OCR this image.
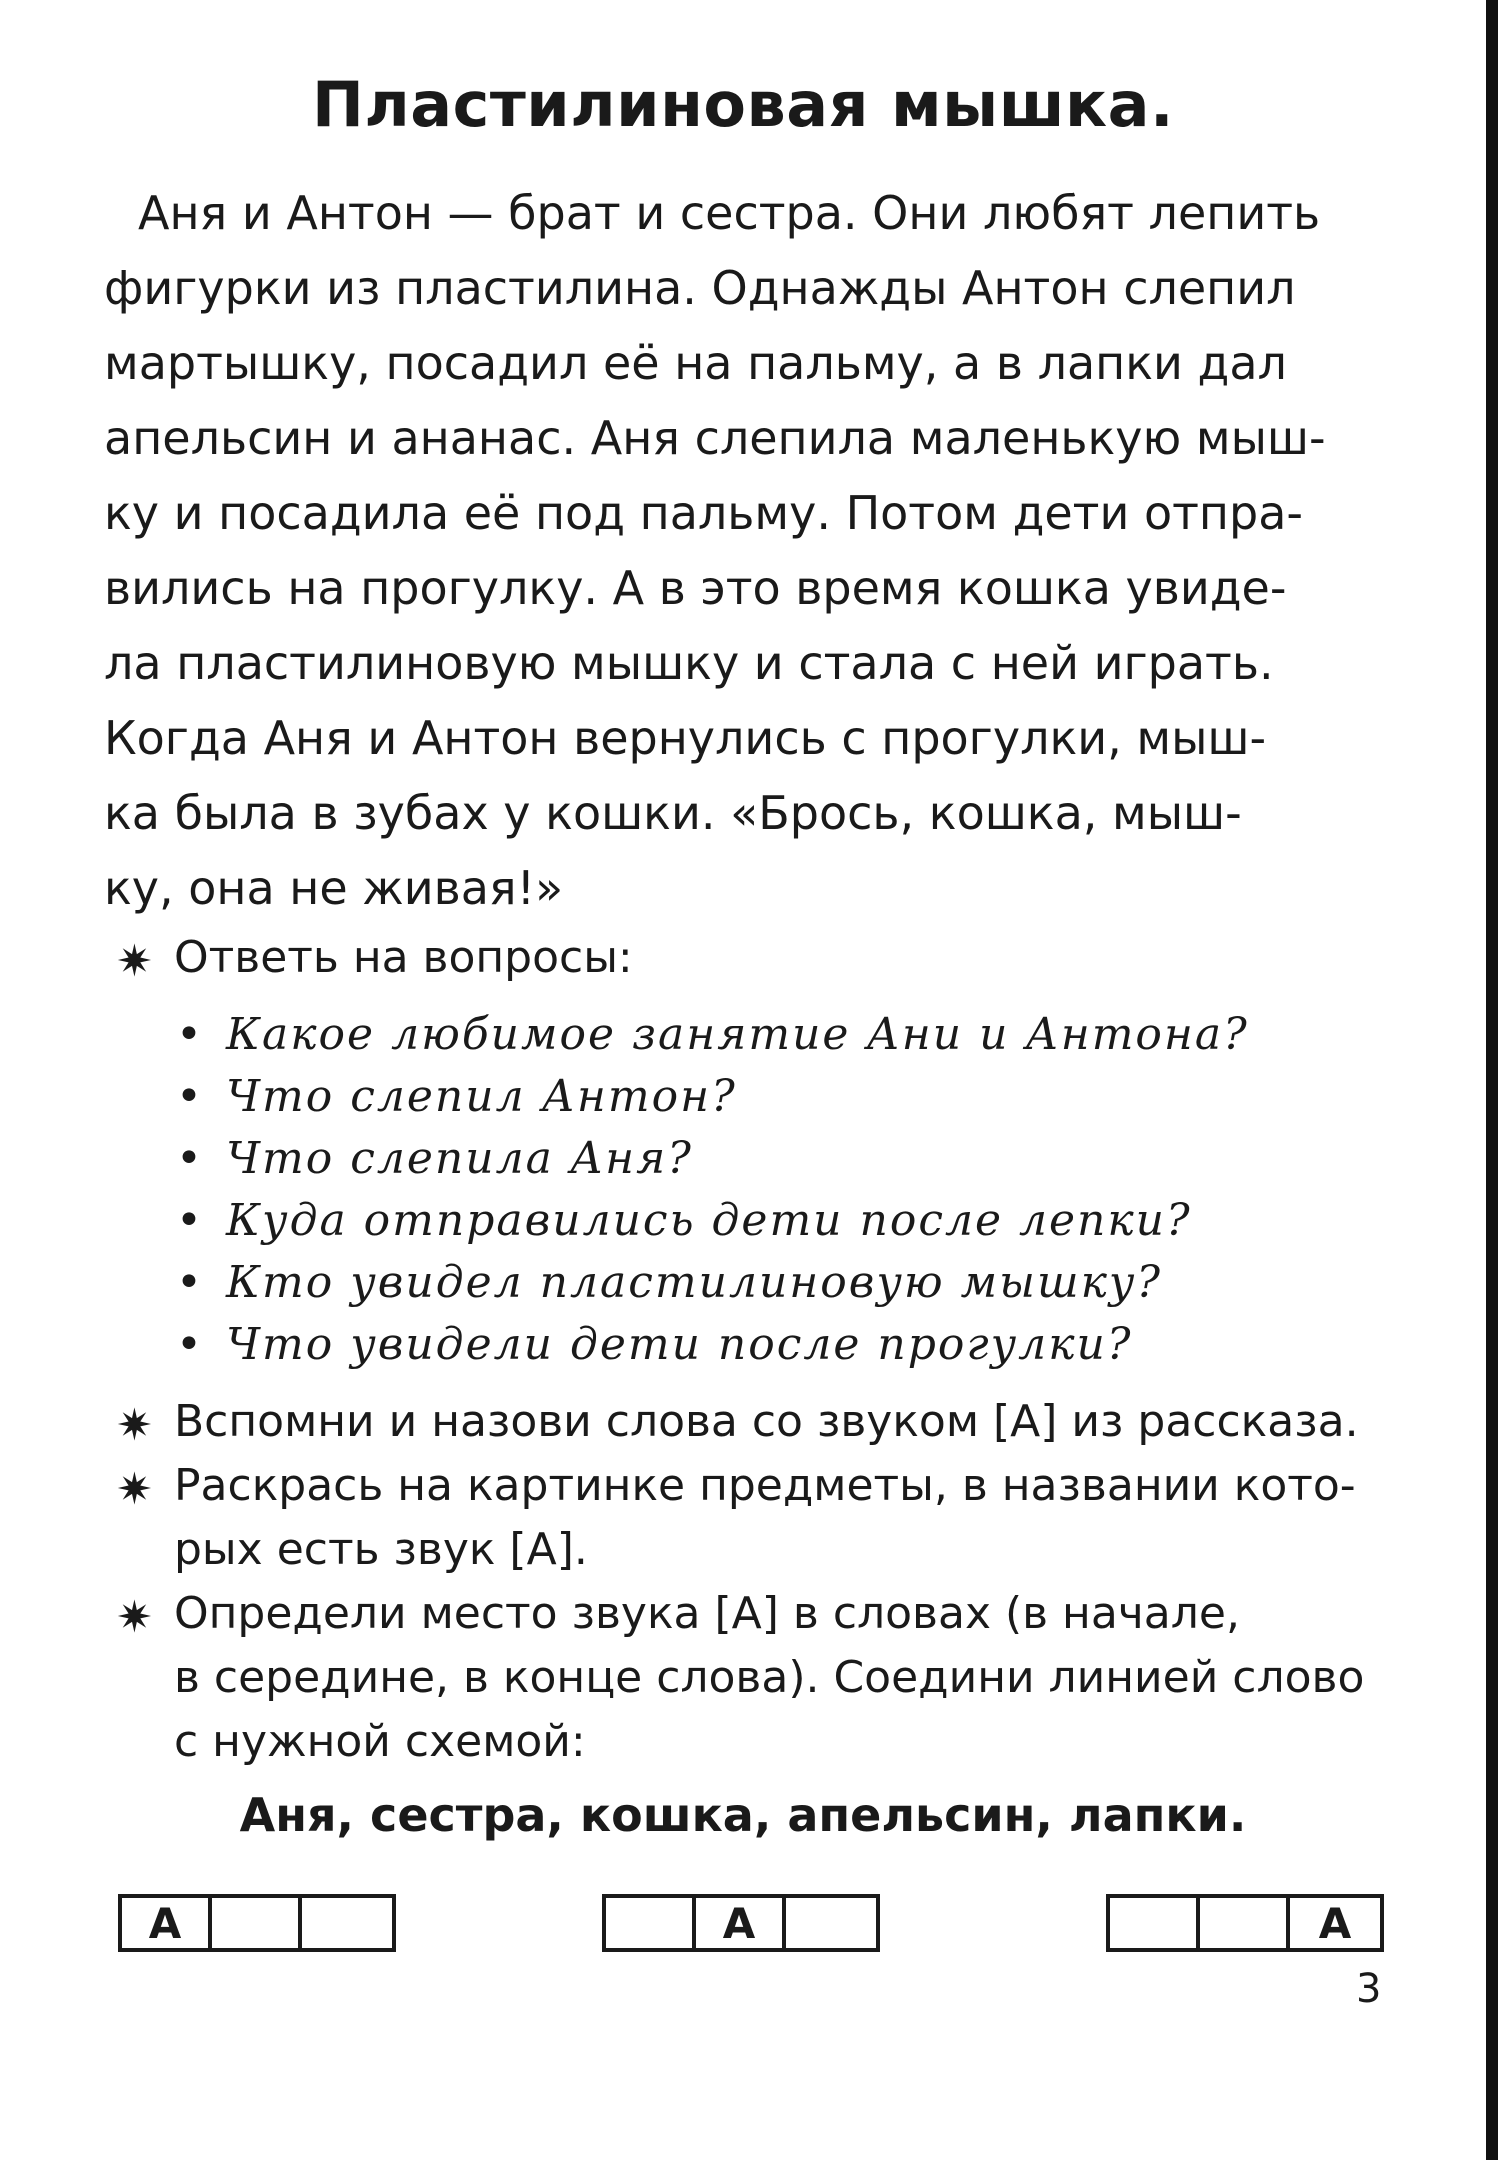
Пластилиновая мышка.
Аня и Антон — брат и сестра. Они любят лепить
фигурки из пластилина. Однажды Антон слепил
мартышку, посадил её на пальму, а в лапки дал
апельсин и ананас. Аня слепила маленькую мыш-
ку и посадила её под пальму. Потом дети отпра-
вились на прогулку. А в это время кошка увиде-
ла пластилиновую мышку и стала с ней играть.
Когда Аня и Антон вернулись с прогулки, мыш-
ка была в зубах у кошки. «Брось, кошка, мыш-
ку, она не живая!»
✷ Ответь на вопросы:
• Какое любимое занятие Ани и Антона?
• Что слепил Антон?
• Что слепила Аня?
• Куда отправились дети после лепки?
• Кто увидел пластилиновую мышку?
• Что увидели дети после прогулки?
✷ Вспомни и назови слова со звуком [А] из рассказа.
✷ Раскрась на картинке предметы, в названии кото-
рых есть звук [А].
✷ Определи место звука [А] в словах (в начале,
в середине, в конце слова). Соедини линией слово
с нужной схемой:
Аня, сестра, кошка, апельсин, лапки.
А	А	А
3
